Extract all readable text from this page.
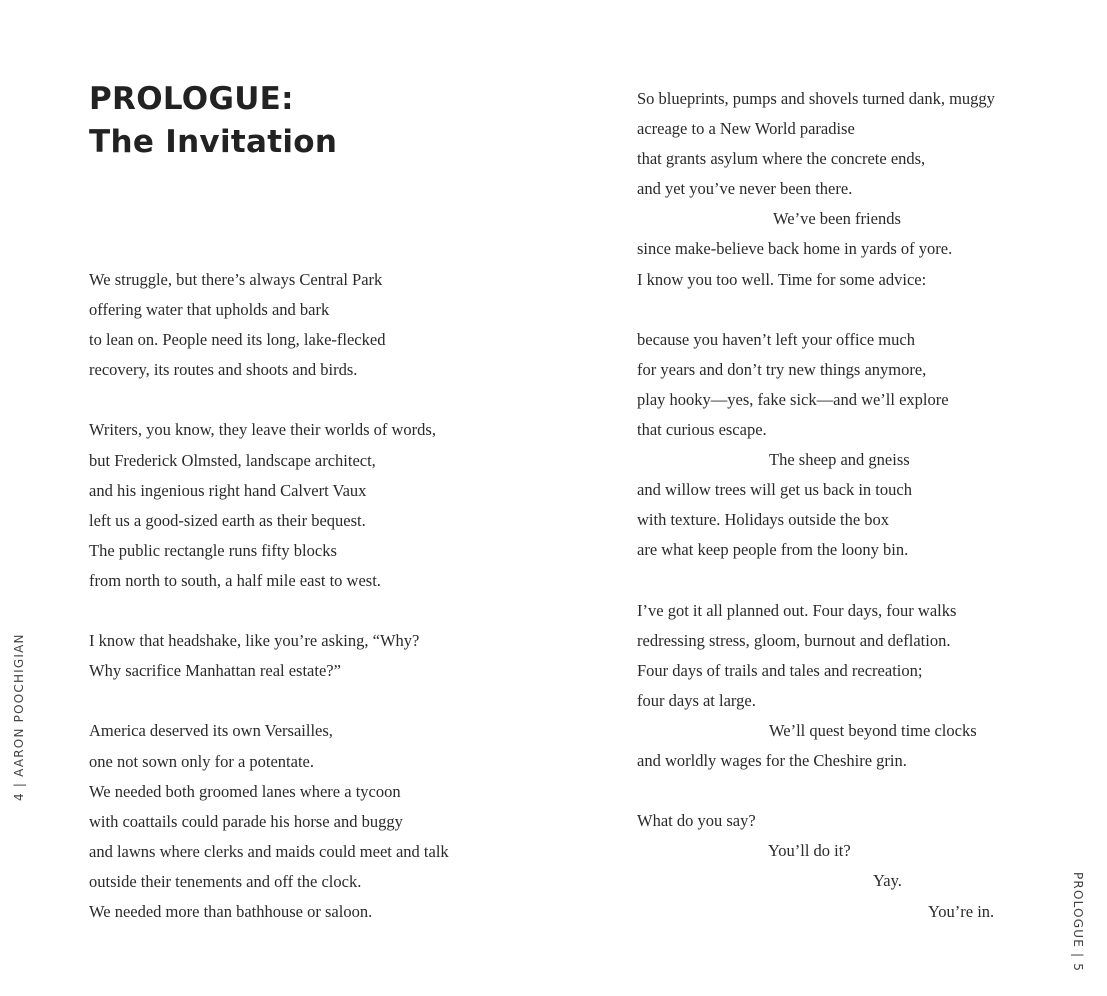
PROLOGUE:
The Invitation
We struggle, but there’s always Central Park
offering water that upholds and bark
to lean on. People need its long, lake-flecked
recovery, its routes and shoots and birds.
Writers, you know, they leave their worlds of words,
but Frederick Olmsted, landscape architect,
and his ingenious right hand Calvert Vaux
left us a good-sized earth as their bequest.
The public rectangle runs fifty blocks
from north to south, a half mile east to west.
I know that headshake, like you’re asking, “Why?
Why sacrifice Manhattan real estate?”
America deserved its own Versailles,
one not sown only for a potentate.
We needed both groomed lanes where a tycoon
with coattails could parade his horse and buggy
and lawns where clerks and maids could meet and talk
outside their tenements and off the clock.
We needed more than bathhouse or saloon.
So blueprints, pumps and shovels turned dank, muggy
acreage to a New World paradise
that grants asylum where the concrete ends,
and yet you’ve never been there.
We’ve been friends
since make-believe back home in yards of yore.
I know you too well. Time for some advice:
because you haven’t left your office much
for years and don’t try new things anymore,
play hooky—yes, fake sick—and we’ll explore
that curious escape.
The sheep and gneiss
and willow trees will get us back in touch
with texture. Holidays outside the box
are what keep people from the loony bin.
I’ve got it all planned out. Four days, four walks
redressing stress, gloom, burnout and deflation.
Four days of trails and tales and recreation;
four days at large.
We’ll quest beyond time clocks
and worldly wages for the Cheshire grin.
What do you say?
You’ll do it?
Yay.
You’re in.
4 | AARON POOCHIGIAN
PROLOGUE | 5
